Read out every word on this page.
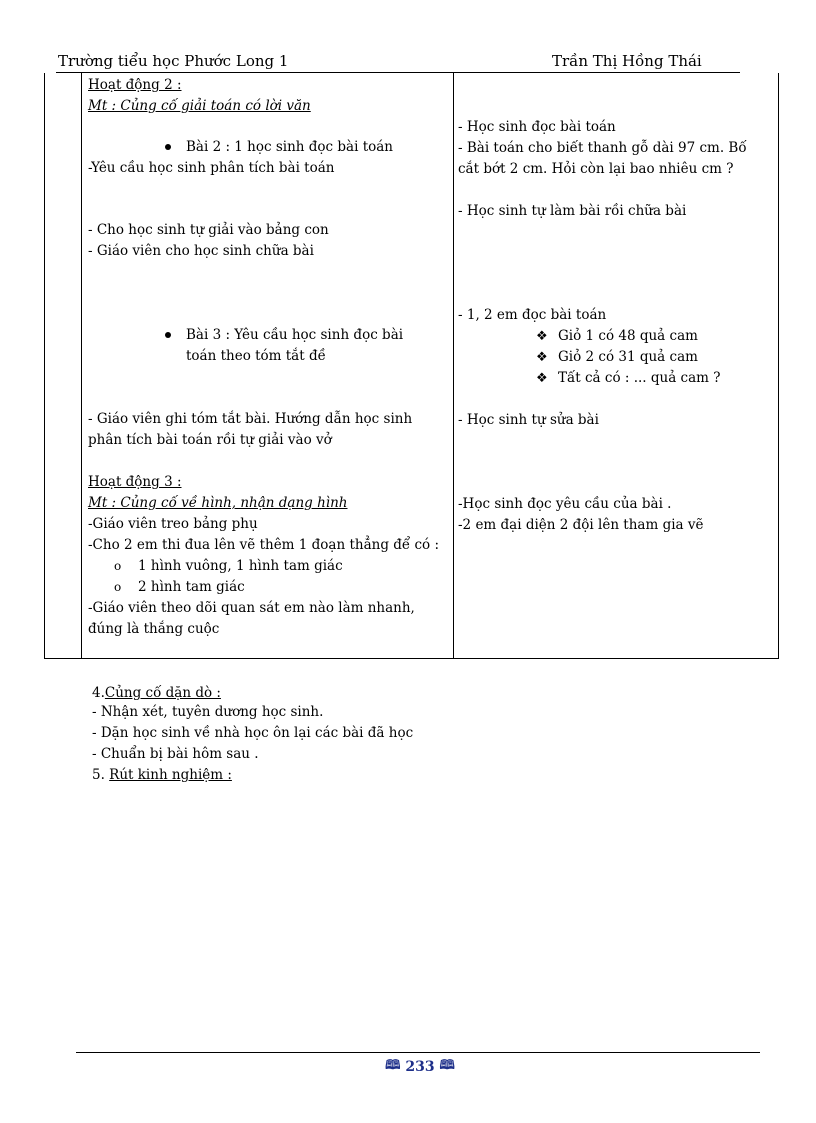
Trường tiểu học Phước Long 1	Trần Thị Hồng Thái
Hoạt động 2 :
Mt : Củng cố giải toán có lời văn
Bài 2 : 1 học sinh đọc bài toán
-Yêu cầu học sinh phân tích bài toán
- Cho học sinh tự giải vào bảng con
- Giáo viên cho học sinh chữa bài
Bài 3 : Yêu cầu học sinh đọc bài
toán theo tóm tắt đề
- Giáo viên ghi tóm tắt bài. Hướng dẫn học sinh
phân tích bài toán rồi tự giải vào vở
Hoạt động 3 :
Mt : Củng cố về hình, nhận dạng hình
-Giáo viên treo bảng phụ
-Cho 2 em thi đua lên vẽ thêm 1 đoạn thẳng để có :
o 1 hình vuông, 1 hình tam giác
o 2 hình tam giác
-Giáo viên theo dõi quan sát em nào làm nhanh,
đúng là thắng cuộc
- Học sinh đọc bài toán
- Bài toán cho biết thanh gỗ dài 97 cm. Bố
cắt bớt 2 cm. Hỏi còn lại bao nhiêu cm ?
- Học sinh tự làm bài rồi chữa bài
- 1, 2 em đọc bài toán
❖ Giỏ 1 có 48 quả cam
❖ Giỏ 2 có 31 quả cam
❖ Tất cả có : ... quả cam ?
- Học sinh tự sửa bài
-Học sinh đọc yêu cầu của bài .
-2 em đại diện 2 đội lên tham gia vẽ
4.Củng cố dặn dò :
- Nhận xét, tuyên dương học sinh.
- Dặn học sinh về nhà học ôn lại các bài đã học
- Chuẩn bị bài hôm sau .
5. Rút kinh nghiệm :
🕮 233 🕮
